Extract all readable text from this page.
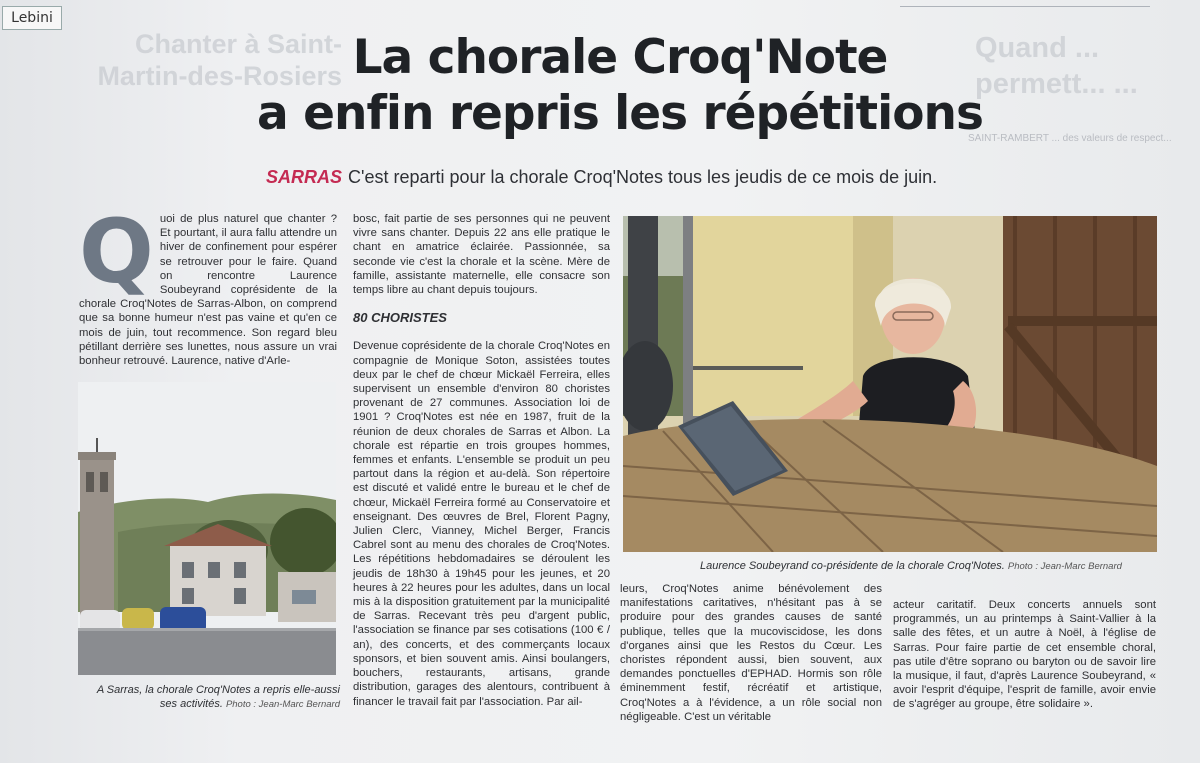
Chanter à Saint-Martin-des-Rosiers
Quand ... permett... ...
SAINT-RAMBERT ... des valeurs de respect...
Lebini
La chorale Croq'Note
a enfin repris les répétitions
SARRAS C'est reparti pour la chorale Croq'Notes tous les jeudis de ce mois de juin.
Q uoi de plus naturel que chanter ? Et pourtant, il aura fallu attendre un hiver de confinement pour espérer se retrouver pour le faire. Quand on rencontre Laurence Soubeyrand coprésidente de la chorale Croq'Notes de Sarras-Albon, on comprend que sa bonne humeur n'est pas vaine et qu'en ce mois de juin, tout recommence. Son regard bleu pétillant derrière ses lunettes, nous assure un vrai bonheur retrouvé. Laurence, native d'Arle-

A Sarras, la chorale Croq'Notes a repris elle-aussi ses activités. Photo : Jean-Marc Bernard

bosc, fait partie de ses personnes qui ne peuvent vivre sans chanter. Depuis 22 ans elle pratique le chant en amatrice éclairée. Passionnée, sa seconde vie c'est la chorale et la scène. Mère de famille, assistante maternelle, elle consacre son temps libre au chant depuis toujours.

80 CHORISTES

Devenue coprésidente de la chorale Croq'Notes en compagnie de Monique Soton, assistées toutes deux par le chef de chœur Mickaël Ferreira, elles supervisent un ensemble d'environ 80 choristes provenant de 27 communes. Association loi de 1901 ? Croq'Notes est née en 1987, fruit de la réunion de deux chorales de Sarras et Albon. La chorale est répartie en trois groupes hommes, femmes et enfants. L'ensemble se produit un peu partout dans la région et au-delà. Son répertoire est discuté et validé entre le bureau et le chef de chœur, Mickaël Ferreira formé au Conservatoire et enseignant. Des œuvres de Brel, Florent Pagny, Julien Clerc, Vianney, Michel Berger, Francis Cabrel sont au menu des chorales de Croq'Notes. Les répétitions hebdomadaires se déroulent les jeudis de 18h30 à 19h45 pour les jeunes, et 20 heures à 22 heures pour les adultes, dans un local mis à la disposition gratuitement par la municipalité de Sarras. Recevant très peu d'argent public, l'association se finance par ses cotisations (100 € / an), des concerts, et des commerçants locaux sponsors, et bien souvent amis. Ainsi boulangers, bouchers, restaurants, artisans, grande distribution, garages des alentours, contribuent à financer le travail fait par l'association. Par ail-

Laurence Soubeyrand co-présidente de la chorale Croq'Notes. Photo : Jean-Marc Bernard

leurs, Croq'Notes anime bénévolement des manifestations caritatives, n'hésitant pas à se produire pour des grandes causes de santé publique, telles que la mucoviscidose, les dons d'organes ainsi que les Restos du Cœur. Les choristes répondent aussi, bien souvent, aux demandes ponctuelles d'EPHAD. Hormis son rôle éminemment festif, récréatif et artistique, Croq'Notes a à l'évidence, a un rôle social non négligeable. C'est un véritable

acteur caritatif. Deux concerts annuels sont programmés, un au printemps à Saint-Vallier à la salle des fêtes, et un autre à Noël, à l'église de Sarras. Pour faire partie de cet ensemble choral, pas utile d'être soprano ou baryton ou de savoir lire la musique, il faut, d'après Laurence Soubeyrand, « avoir l'esprit d'équipe, l'esprit de famille, avoir envie de s'agréger au groupe, être solidaire ».
